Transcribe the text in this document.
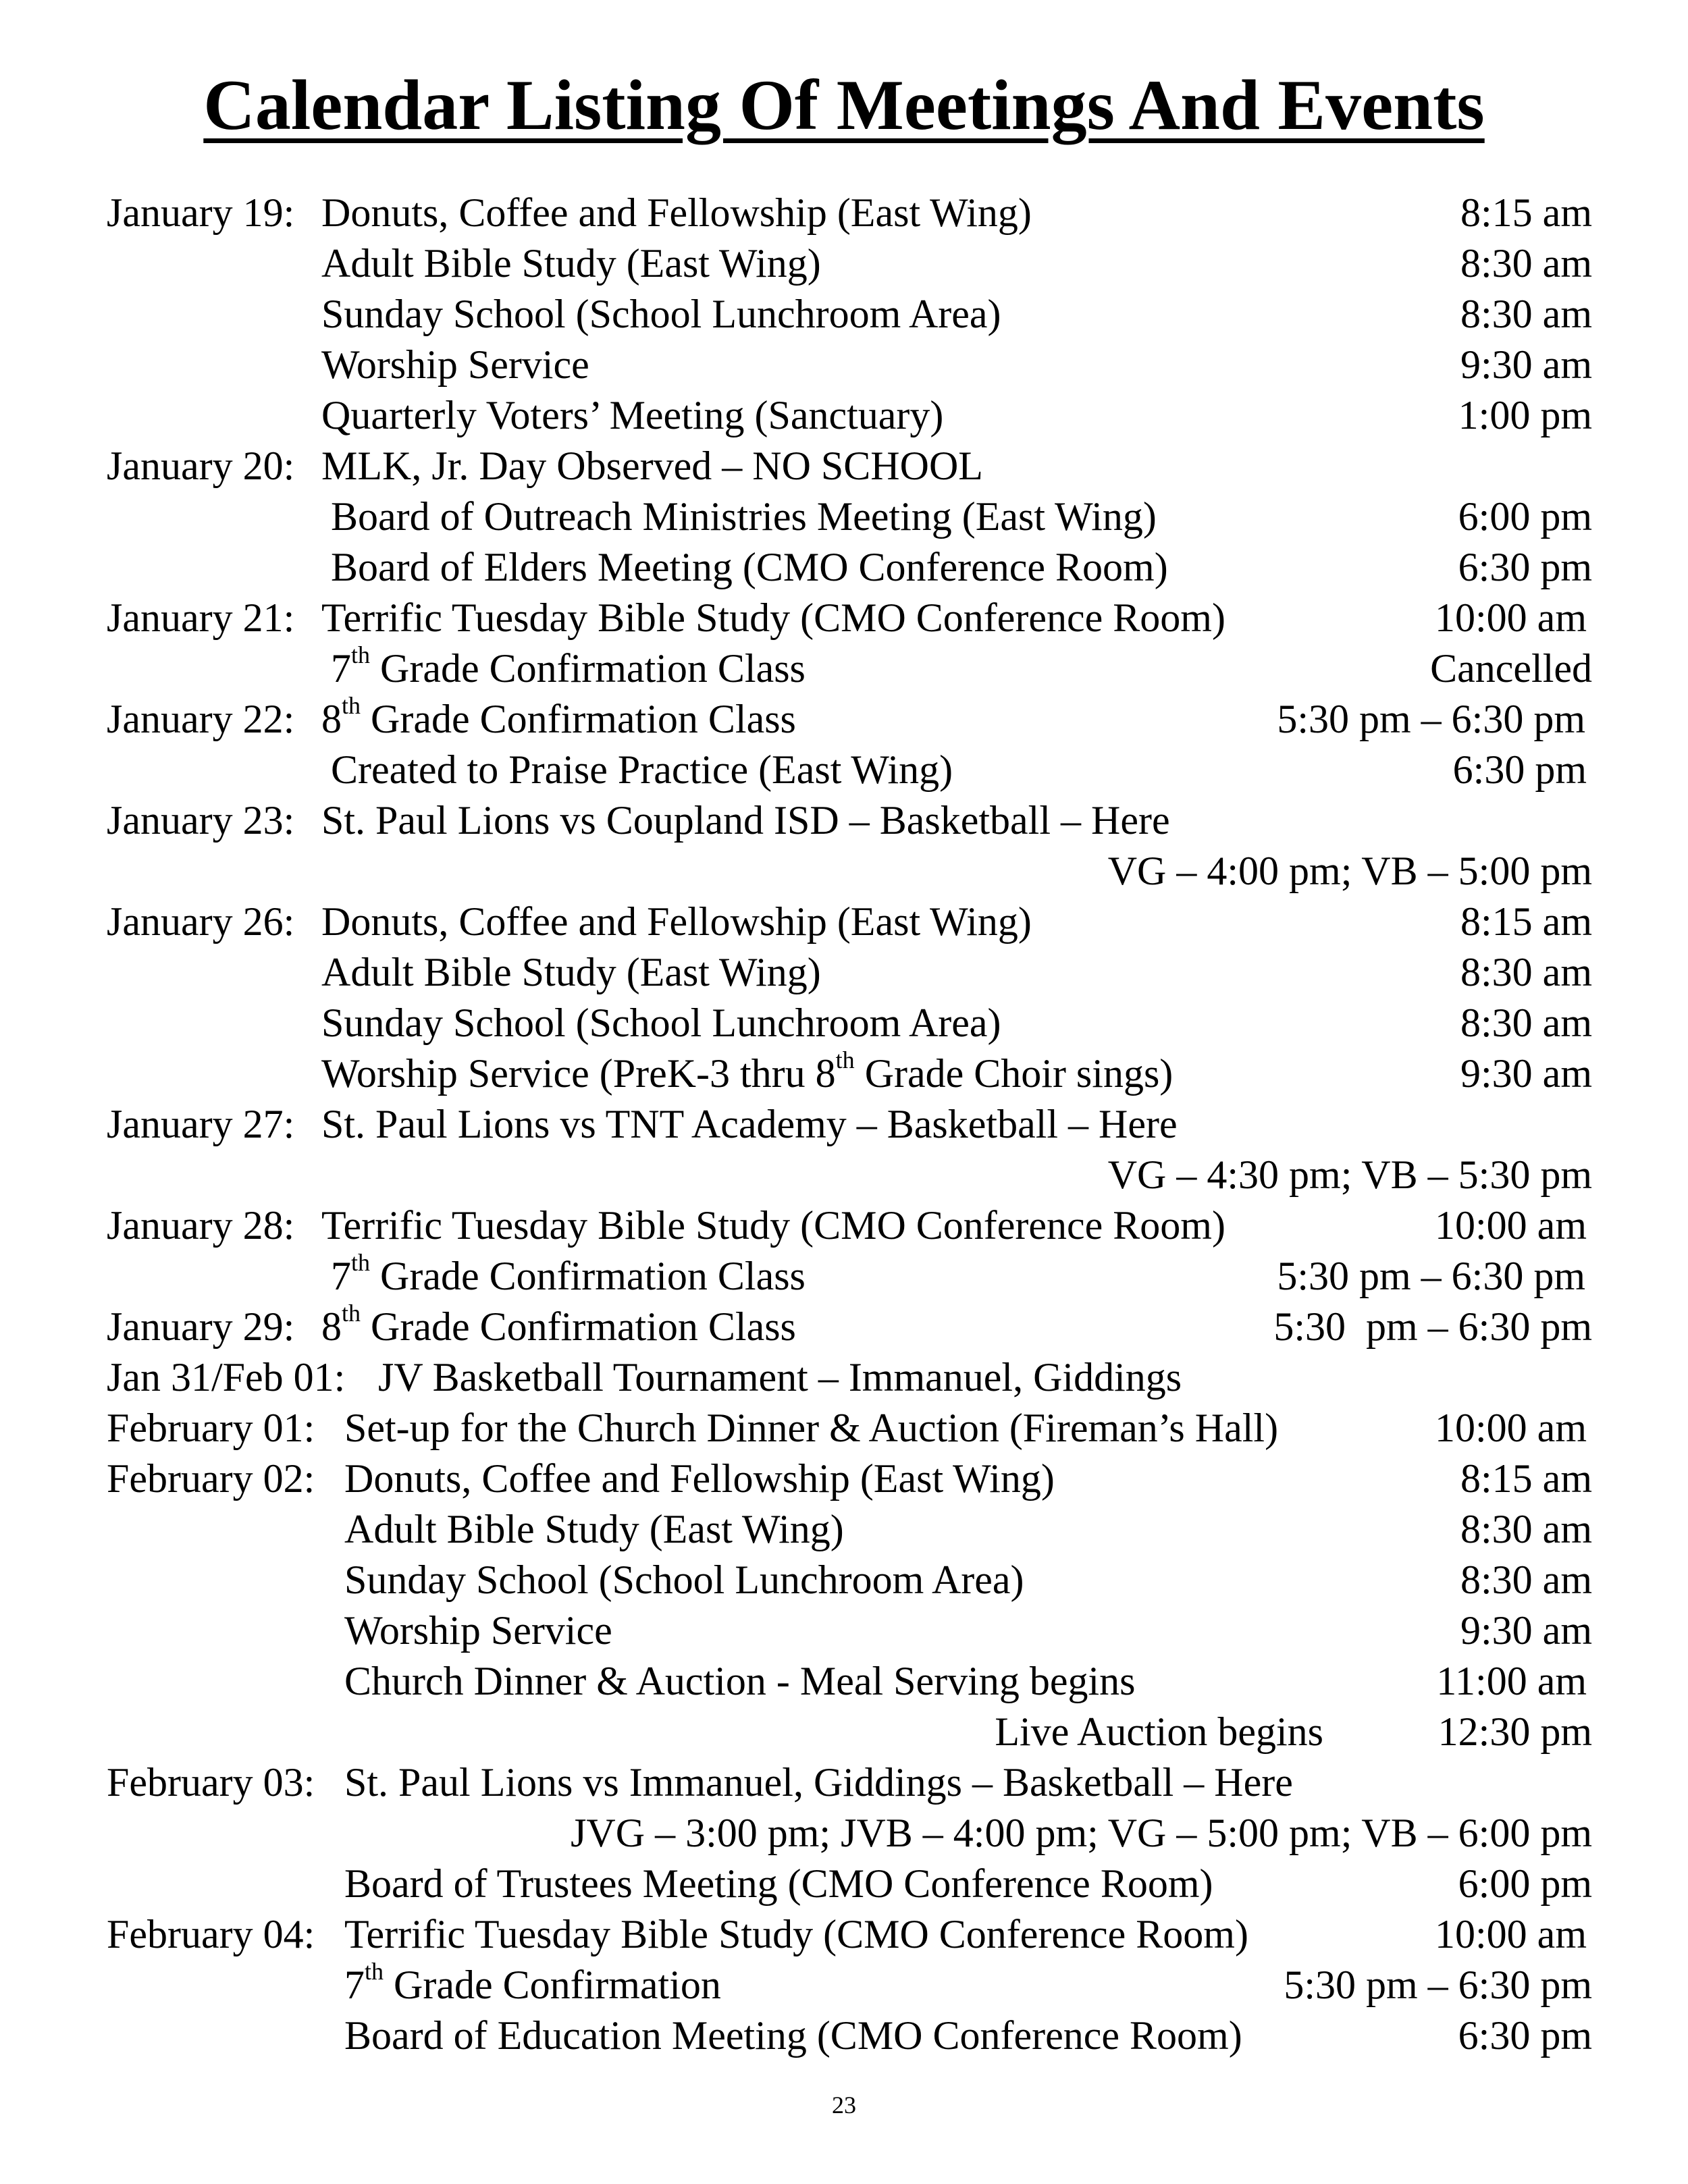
Calendar Listing Of Meetings And Events
January 19: Donuts, Coffee and Fellowship (East Wing)	8:15 am
Adult Bible Study (East Wing)	8:30 am
Sunday School (School Lunchroom Area)	8:30 am
Worship Service	9:30 am
Quarterly Voters’ Meeting (Sanctuary)	1:00 pm
January 20: MLK, Jr. Day Observed – NO SCHOOL
Board of Outreach Ministries Meeting (East Wing)	6:00 pm
Board of Elders Meeting (CMO Conference Room)	6:30 pm
January 21: Terrific Tuesday Bible Study (CMO Conference Room)	10:00 am
7th Grade Confirmation Class	Cancelled
January 22: 8th Grade Confirmation Class	5:30 pm – 6:30 pm
Created to Praise Practice (East Wing)	6:30 pm
January 23: St. Paul Lions vs Coupland ISD – Basketball – Here
VG – 4:00 pm; VB – 5:00 pm
January 26: Donuts, Coffee and Fellowship (East Wing)	8:15 am
Adult Bible Study (East Wing)	8:30 am
Sunday School (School Lunchroom Area)	8:30 am
Worship Service (PreK-3 thru 8th Grade Choir sings)	9:30 am
January 27: St. Paul Lions vs TNT Academy – Basketball – Here
VG – 4:30 pm; VB – 5:30 pm
January 28: Terrific Tuesday Bible Study (CMO Conference Room)	10:00 am
7th Grade Confirmation Class	5:30 pm – 6:30 pm
January 29: 8th Grade Confirmation Class	5:30  pm – 6:30 pm
Jan 31/Feb 01: JV Basketball Tournament – Immanuel, Giddings
February 01: Set-up for the Church Dinner & Auction (Fireman’s Hall)	10:00 am
February 02: Donuts, Coffee and Fellowship (East Wing)	8:15 am
Adult Bible Study (East Wing)	8:30 am
Sunday School (School Lunchroom Area)	8:30 am
Worship Service	9:30 am
Church Dinner & Auction - Meal Serving begins	11:00 am
Live Auction begins	12:30 pm
February 03: St. Paul Lions vs Immanuel, Giddings – Basketball – Here
JVG – 3:00 pm; JVB – 4:00 pm; VG – 5:00 pm; VB – 6:00 pm
Board of Trustees Meeting (CMO Conference Room)	6:00 pm
February 04: Terrific Tuesday Bible Study (CMO Conference Room)	10:00 am
7th Grade Confirmation	5:30 pm – 6:30 pm
Board of Education Meeting (CMO Conference Room)	6:30 pm
23
